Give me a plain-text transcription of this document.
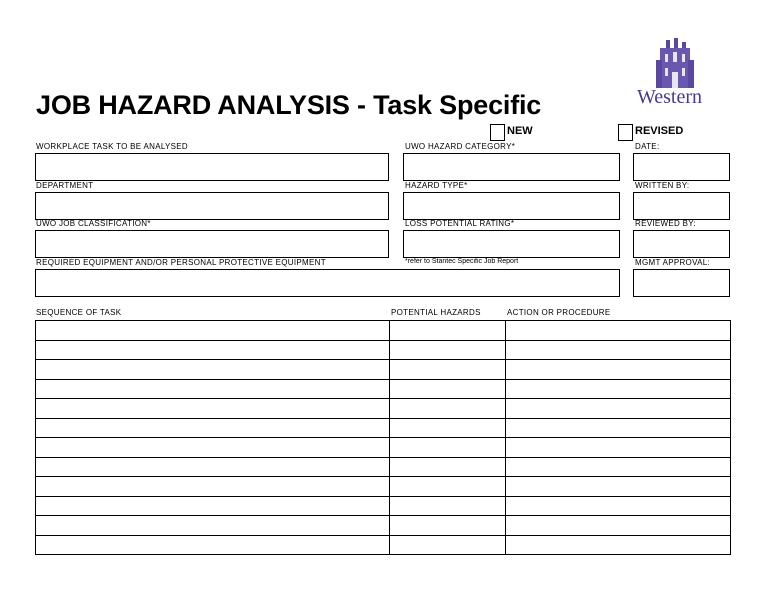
JOB HAZARD ANALYSIS - Task Specific	Western
NEW	REVISED
WORKPLACE TASK TO BE ANALYSED	UWO HAZARD CATEGORY*	DATE:
DEPARTMENT	HAZARD TYPE*	WRITTEN BY:
UWO JOB CLASSIFICATION*	LOSS POTENTIAL RATING*	REVIEWED BY:
REQUIRED EQUIPMENT AND/OR PERSONAL PROTECTIVE EQUIPMENT	*refer to Stantec Specific Job Report	MGMT APPROVAL:
SEQUENCE OF TASK	POTENTIAL HAZARDS	ACTION OR PROCEDURE
